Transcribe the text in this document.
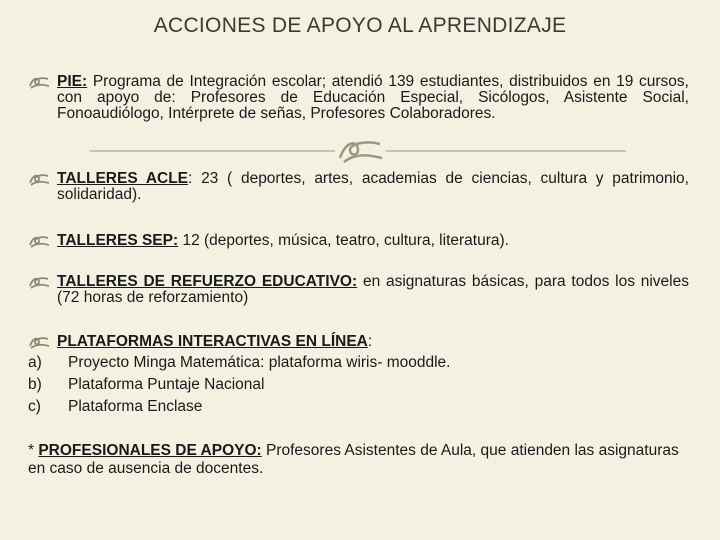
ACCIONES DE APOYO AL APRENDIZAJE
PIE: Programa de Integración escolar; atendió 139 estudiantes, distribuidos en 19 cursos, con apoyo de: Profesores de Educación Especial, Sicólogos, Asistente Social, Fonoaudiólogo, Intérprete de señas, Profesores Colaboradores.
TALLERES ACLE: 23 ( deportes, artes, academias de ciencias, cultura y patrimonio, solidaridad).
TALLERES SEP: 12 (deportes, música, teatro, cultura, literatura).
TALLERES DE REFUERZO EDUCATIVO: en asignaturas básicas, para todos los niveles (72 horas de reforzamiento)
PLATAFORMAS INTERACTIVAS EN LÍNEA:
a) Proyecto Minga Matemática: plataforma wiris- mooddle.
b) Plataforma Puntaje Nacional
c) Plataforma Enclase
* PROFESIONALES DE APOYO: Profesores Asistentes de Aula, que atienden las asignaturas en caso de ausencia de docentes.
